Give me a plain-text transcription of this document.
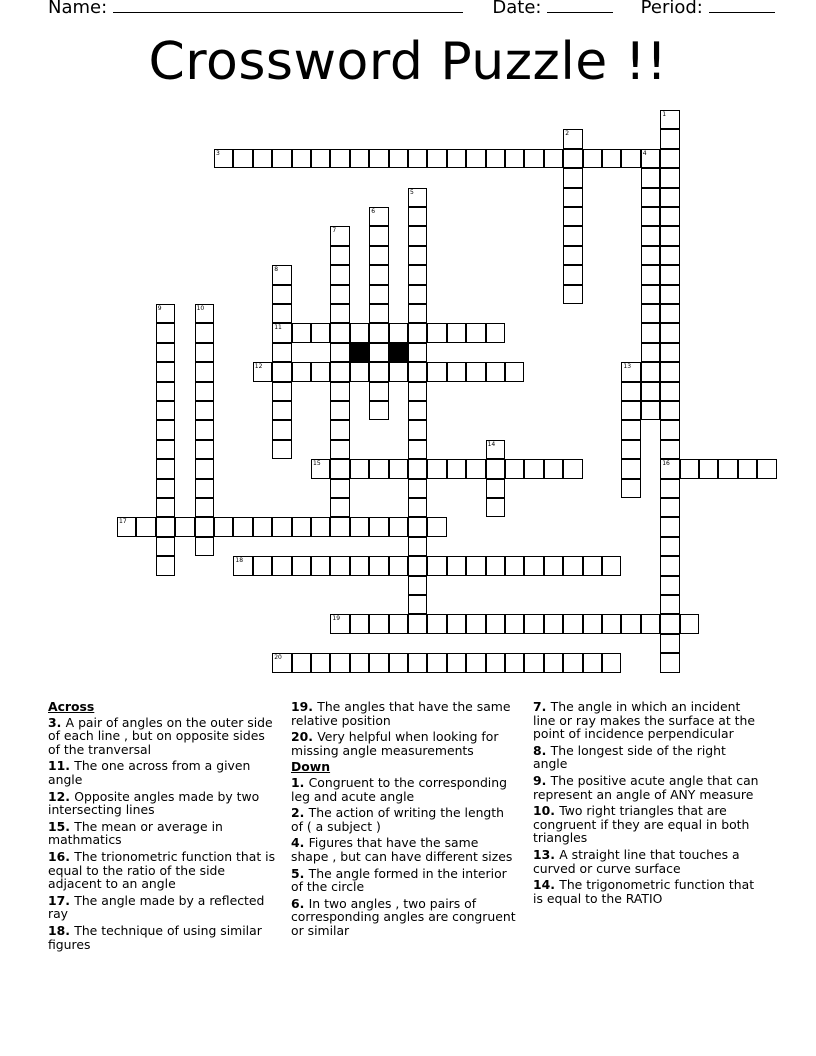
Name:	Date:	Period:
Crossword Puzzle !!
1
16
2
3	4
5
6
7
8
11
9	10
12	13
14
15
17
18
19
20
Across
3. A pair of angles on the outer side of each line , but on opposite sides of the tranversal
11. The one across from a given angle
12. Opposite angles made by two intersecting lines
15. The mean or average in mathmatics
16. The trionometric function that is equal to the ratio of the side adjacent to an angle
17. The angle made by a reflected ray
18. The technique of using similar figures
19. The angles that have the same relative position
20. Very helpful when looking for missing angle measurements
Down
1. Congruent to the corresponding leg and acute angle
2. The action of writing the length of ( a subject )
4. Figures that have the same shape , but can have different sizes
5. The angle formed in the interior of the circle
6. In two angles , two pairs of corresponding angles are congruent or similar
7. The angle in which an incident line or ray makes the surface at the point of incidence perpendicular
8. The longest side of the right angle
9. The positive acute angle that can represent an angle of ANY measure
10. Two right triangles that are congruent if they are equal in both triangles
13. A straight line that touches a curved or curve surface
14. The trigonometric function that is equal to the RATIO
